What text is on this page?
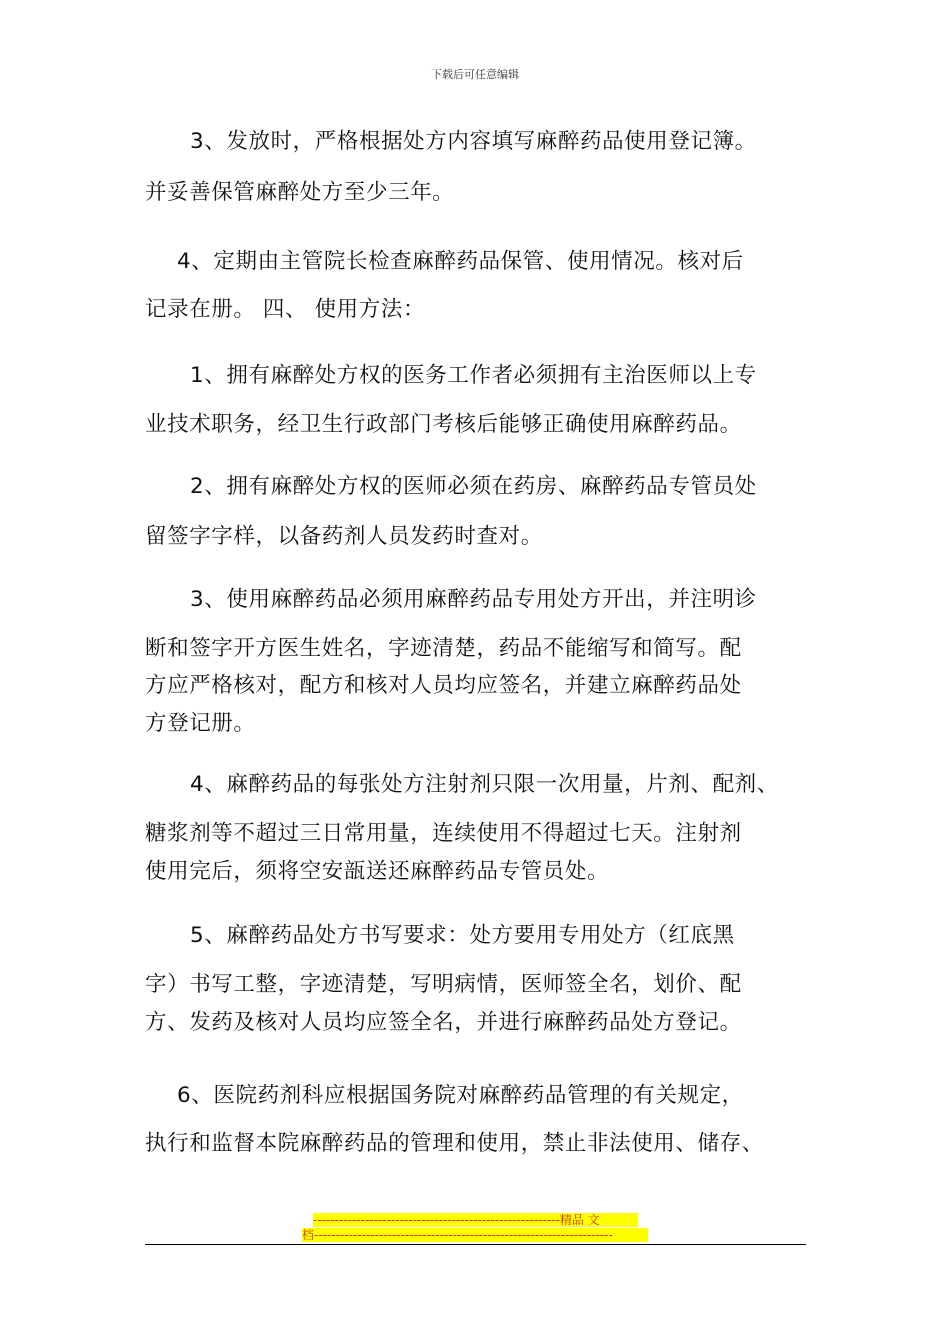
下载后可任意编辑
3、发放时，严格根据处方内容填写麻醉药品使用登记簿。
并妥善保管麻醉处方至少三年。
4、定期由主管院长检查麻醉药品保管、使用情况。核对后
记录在册。 四、 使用方法：
1、拥有麻醉处方权的医务工作者必须拥有主治医师以上专
业技术职务，经卫生行政部门考核后能够正确使用麻醉药品。
2、拥有麻醉处方权的医师必须在药房、麻醉药品专管员处
留签字字样，以备药剂人员发药时查对。
3、使用麻醉药品必须用麻醉药品专用处方开出，并注明诊
断和签字开方医生姓名，字迹清楚，药品不能缩写和简写。配
方应严格核对，配方和核对人员均应签名，并建立麻醉药品处
方登记册。
4、麻醉药品的每张处方注射剂只限一次用量，片剂、配剂、
糖浆剂等不超过三日常用量，连续使用不得超过七天。注射剂
使用完后，须将空安瓿送还麻醉药品专管员处。
5、麻醉药品处方书写要求：处方要用专用处方（红底黑
字）书写工整，字迹清楚，写明病情，医师签全名，划价、配
方、发药及核对人员均应签全名，并进行麻醉药品处方登记。
6、医院药剂科应根据国务院对麻醉药品管理的有关规定，
执行和监督本院麻醉药品的管理和使用，禁止非法使用、储存、
---------------------------------------------------------精品 文
档---------------------------------------------------------------------
